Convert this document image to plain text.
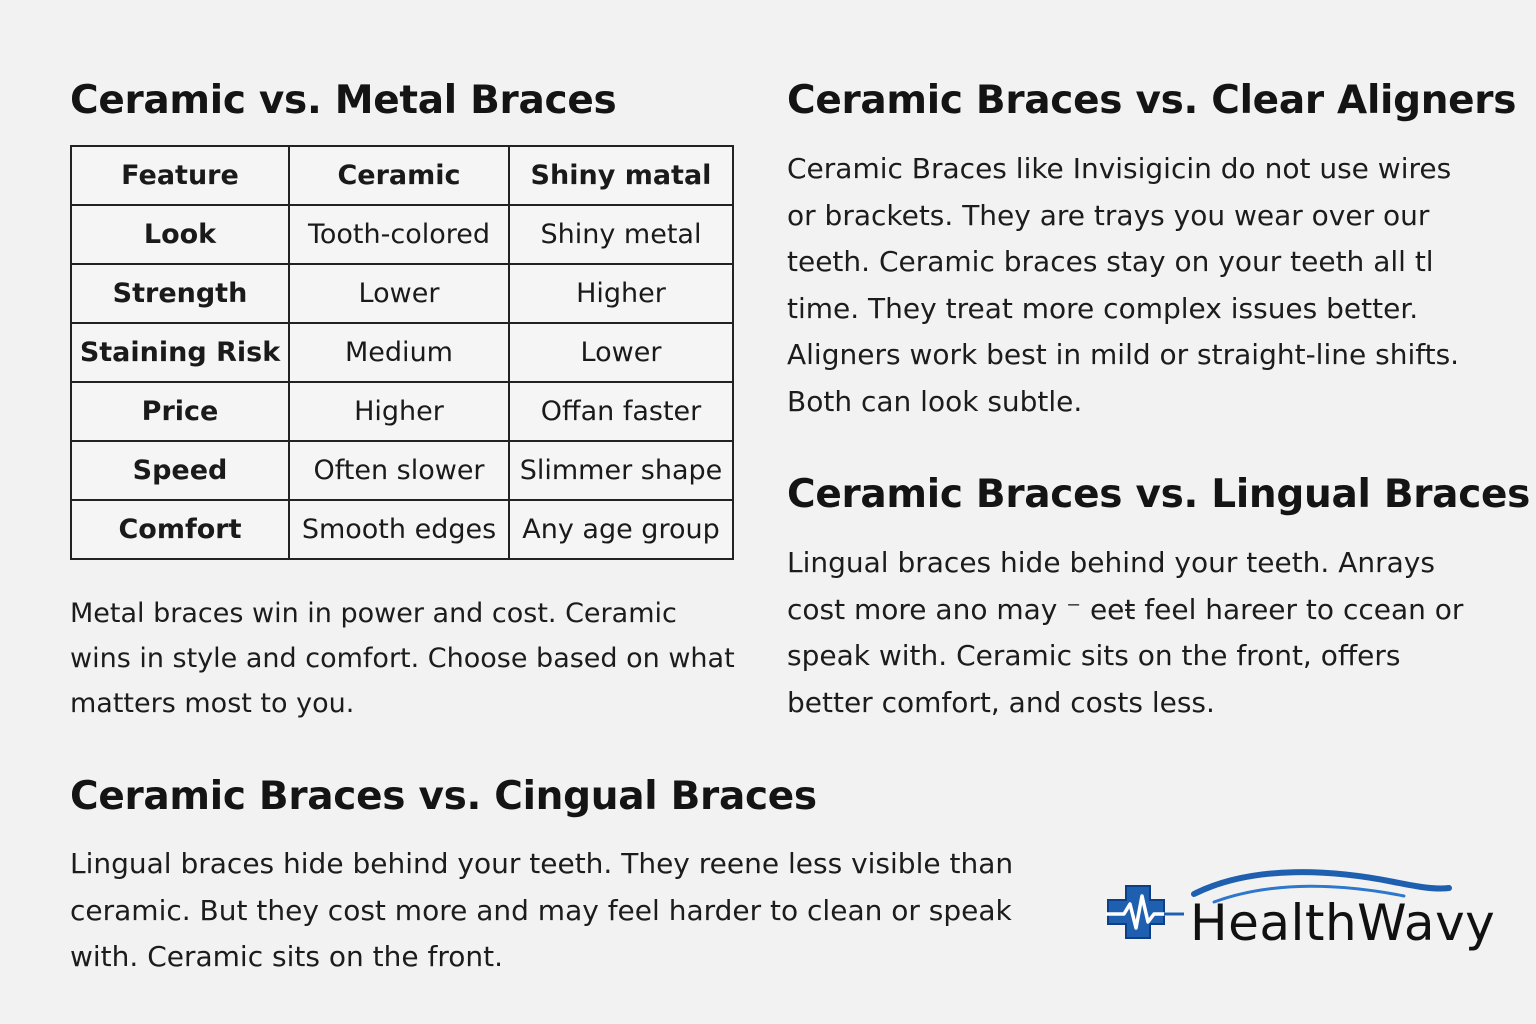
Ceramic vs. Metal Braces
Feature	Ceramic	Shiny matal
Look	Tooth-colored	Shiny metal
Strength	Lower	Higher
Staining Risk	Medium	Lower
Price	Higher	Offan faster
Speed	Often slower	Slimmer shape
Comfort	Smooth edges	Any age group

Metal braces win in power and cost. Ceramic wins in style and comfort. Choose based on what matters most to you.

Ceramic Braces vs. Clear Aligners

Ceramic Braces like Invisigicin do not use wires or brackets. They are trays you wear over our teeth. Ceramic braces stay on your teeth all tl time. They treat more complex issues better. Aligners work best in mild or straight-line shifts. Both can look subtle.

Ceramic Braces vs. Lingual Braces

Lingual braces hide behind your teeth. Anrays cost more ano may ⁻ eeŧ feel hareer to ccean or speak with. Ceramic sits on the front, offers better comfort, and costs less.

Ceramic Braces vs. Cingual Braces

Lingual braces hide behind your teeth. They reene less visible than ceramic. But they cost more and may feel harder to clean or speak with. Ceramic sits on the front.

HealthWavy
